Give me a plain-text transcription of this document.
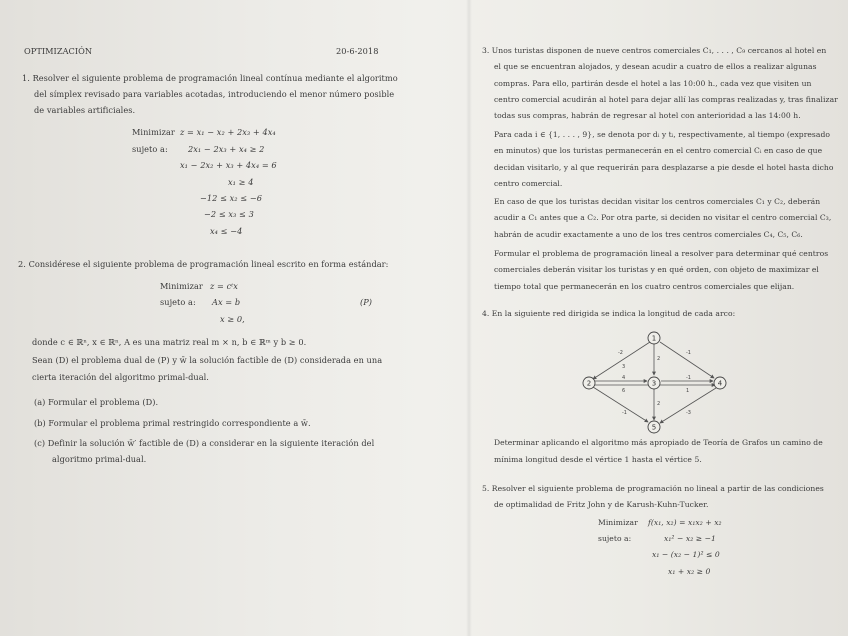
OPTIMIZACIÓN	20-6-2018
1. Resolver el siguiente problema de programación lineal contínua mediante el algoritmo
del símplex revisado para variables acotadas, introduciendo el menor número posible
de variables artificiales.
Minimizar z = x₁ − x₂ + 2x₃ + 4x₄
sujeto a: 2x₁ − 2x₃ + x₄ ≥ 2
x₁ − 2x₂ + x₃ + 4x₄ = 6
x₁ ≥ 4
−12 ≤ x₂ ≤ −6
−2 ≤ x₃ ≤ 3
x₄ ≤ −4
2. Considérese el siguiente problema de programación lineal escrito en forma estándar:
Minimizar z = cᵗx
sujeto a: Ax = b	(P)
x ≥ 0,
donde c ∈ ℝⁿ, x ∈ ℝⁿ, A es una matriz real m × n, b ∈ ℝᵐ y b ≥ 0.
Sean (D) el problema dual de (P) y w̄ la solución factible de (D) considerada en una
cierta iteración del algoritmo primal-dual.
(a) Formular el problema (D).
(b) Formular el problema primal restringido correspondiente a w̄.
(c) Definir la solución w̄′ factible de (D) a considerar en la siguiente iteración del
algoritmo primal-dual.
3. Unos turistas disponen de nueve centros comerciales C₁, . . . , C₉ cercanos al hotel en
el que se encuentran alojados, y desean acudir a cuatro de ellos a realizar algunas
compras. Para ello, partirán desde el hotel a las 10:00 h., cada vez que visiten un
centro comercial acudirán al hotel para dejar allí las compras realizadas y, tras finalizar
todas sus compras, habrán de regresar al hotel con anterioridad a las 14:00 h.
Para cada i ∈ {1, . . . , 9}, se denota por dᵢ y tᵢ, respectivamente, al tiempo (expresado
en minutos) que los turistas permanecerán en el centro comercial Cᵢ en caso de que
decidan visitarlo, y al que requerirán para desplazarse a pie desde el hotel hasta dicho
centro comercial.
En caso de que los turistas decidan visitar los centros comerciales C₁ y C₂, deberán
acudir a C₁ antes que a C₂. Por otra parte, si deciden no visitar el centro comercial C₃,
habrán de acudir exactamente a uno de los tres centros comerciales C₄, C₅, C₆.
Formular el problema de programación lineal a resolver para determinar qué centros
comerciales deberán visitar los turistas y en qué orden, con objeto de maximizar el
tiempo total que permanecerán en los cuatro centros comerciales que elijan.
4. En la siguiente red dirigida se indica la longitud de cada arco:
-2
3
-1
2
4	-1
6	1
2
-1	-3
1
2	3	4
5
Determinar aplicando el algoritmo más apropiado de Teoría de Grafos un camino de
mínima longitud desde el vértice 1 hasta el vértice 5.
5. Resolver el siguiente problema de programación no lineal a partir de las condiciones
de optimalidad de Fritz John y de Karush-Kuhn-Tucker.
Minimizar f(x₁, x₂) = x₁x₂ + x₂
sujeto a:	x₁² − x₂ ≥ −1
x₁ − (x₂ − 1)² ≤ 0
x₁ + x₂ ≥ 0
